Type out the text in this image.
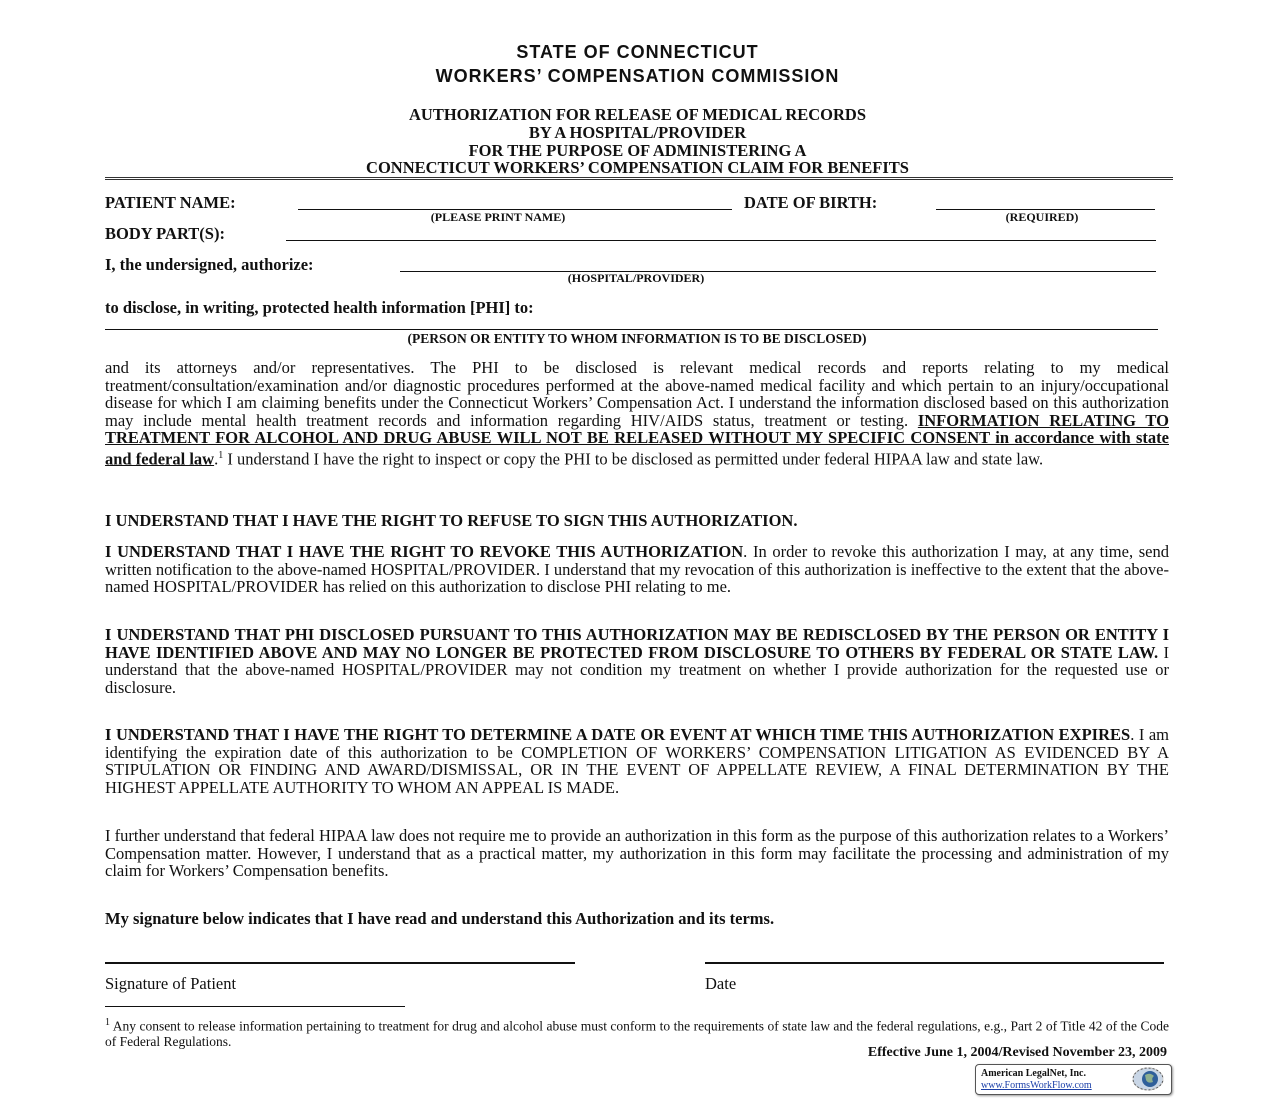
STATE OF CONNECTICUT
WORKERS’ COMPENSATION COMMISSION
AUTHORIZATION FOR RELEASE OF MEDICAL RECORDS
BY A HOSPITAL/PROVIDER
FOR THE PURPOSE OF ADMINISTERING A
CONNECTICUT WORKERS’ COMPENSATION CLAIM FOR BENEFITS
PATIENT NAME:
(PLEASE PRINT NAME)
DATE OF BIRTH:
(REQUIRED)
BODY PART(S):
I, the undersigned, authorize:
(HOSPITAL/PROVIDER)
to disclose, in writing, protected health information [PHI] to:
(PERSON OR ENTITY TO WHOM INFORMATION IS TO BE DISCLOSED)
and its attorneys and/or representatives. The PHI to be disclosed is relevant medical records and reports relating to my medical treatment/consultation/examination and/or diagnostic procedures performed at the above-named medical facility and which pertain to an injury/occupational disease for which I am claiming benefits under the Connecticut Workers’ Compensation Act. I understand the information disclosed based on this authorization may include mental health treatment records and information regarding HIV/AIDS status, treatment or testing. INFORMATION RELATING TO TREATMENT FOR ALCOHOL AND DRUG ABUSE WILL NOT BE RELEASED WITHOUT MY SPECIFIC CONSENT in accordance with state and federal law.$^1$ I understand I have the right to inspect or copy the PHI to be disclosed as permitted under federal HIPAA law and state law.
I UNDERSTAND THAT I HAVE THE RIGHT TO REFUSE TO SIGN THIS AUTHORIZATION.
I UNDERSTAND THAT I HAVE THE RIGHT TO REVOKE THIS AUTHORIZATION. In order to revoke this authorization I may, at any time, send written notification to the above-named HOSPITAL/PROVIDER. I understand that my revocation of this authorization is ineffective to the extent that the above-named HOSPITAL/PROVIDER has relied on this authorization to disclose PHI relating to me.
I UNDERSTAND THAT PHI DISCLOSED PURSUANT TO THIS AUTHORIZATION MAY BE REDISCLOSED BY THE PERSON OR ENTITY I HAVE IDENTIFIED ABOVE AND MAY NO LONGER BE PROTECTED FROM DISCLOSURE TO OTHERS BY FEDERAL OR STATE LAW. I understand that the above-named HOSPITAL/PROVIDER may not condition my treatment on whether I provide authorization for the requested use or disclosure.
I UNDERSTAND THAT I HAVE THE RIGHT TO DETERMINE A DATE OR EVENT AT WHICH TIME THIS AUTHORIZATION EXPIRES. I am identifying the expiration date of this authorization to be COMPLETION OF WORKERS’ COMPENSATION LITIGATION AS EVIDENCED BY A STIPULATION OR FINDING AND AWARD/DISMISSAL, OR IN THE EVENT OF APPELLATE REVIEW, A FINAL DETERMINATION BY THE HIGHEST APPELLATE AUTHORITY TO WHOM AN APPEAL IS MADE.
I further understand that federal HIPAA law does not require me to provide an authorization in this form as the purpose of this authorization relates to a Workers’ Compensation matter. However, I understand that as a practical matter, my authorization in this form may facilitate the processing and administration of my claim for Workers’ Compensation benefits.
My signature below indicates that I have read and understand this Authorization and its terms.
Signature of Patient	Date
$^1$ Any consent to release information pertaining to treatment for drug and alcohol abuse must conform to the requirements of state law and the federal regulations, e.g., Part 2 of Title 42 of the Code of Federal Regulations.
Effective June 1, 2004/Revised November 23, 2009
American LegalNet, Inc.
www.FormsWorkFlow.com
